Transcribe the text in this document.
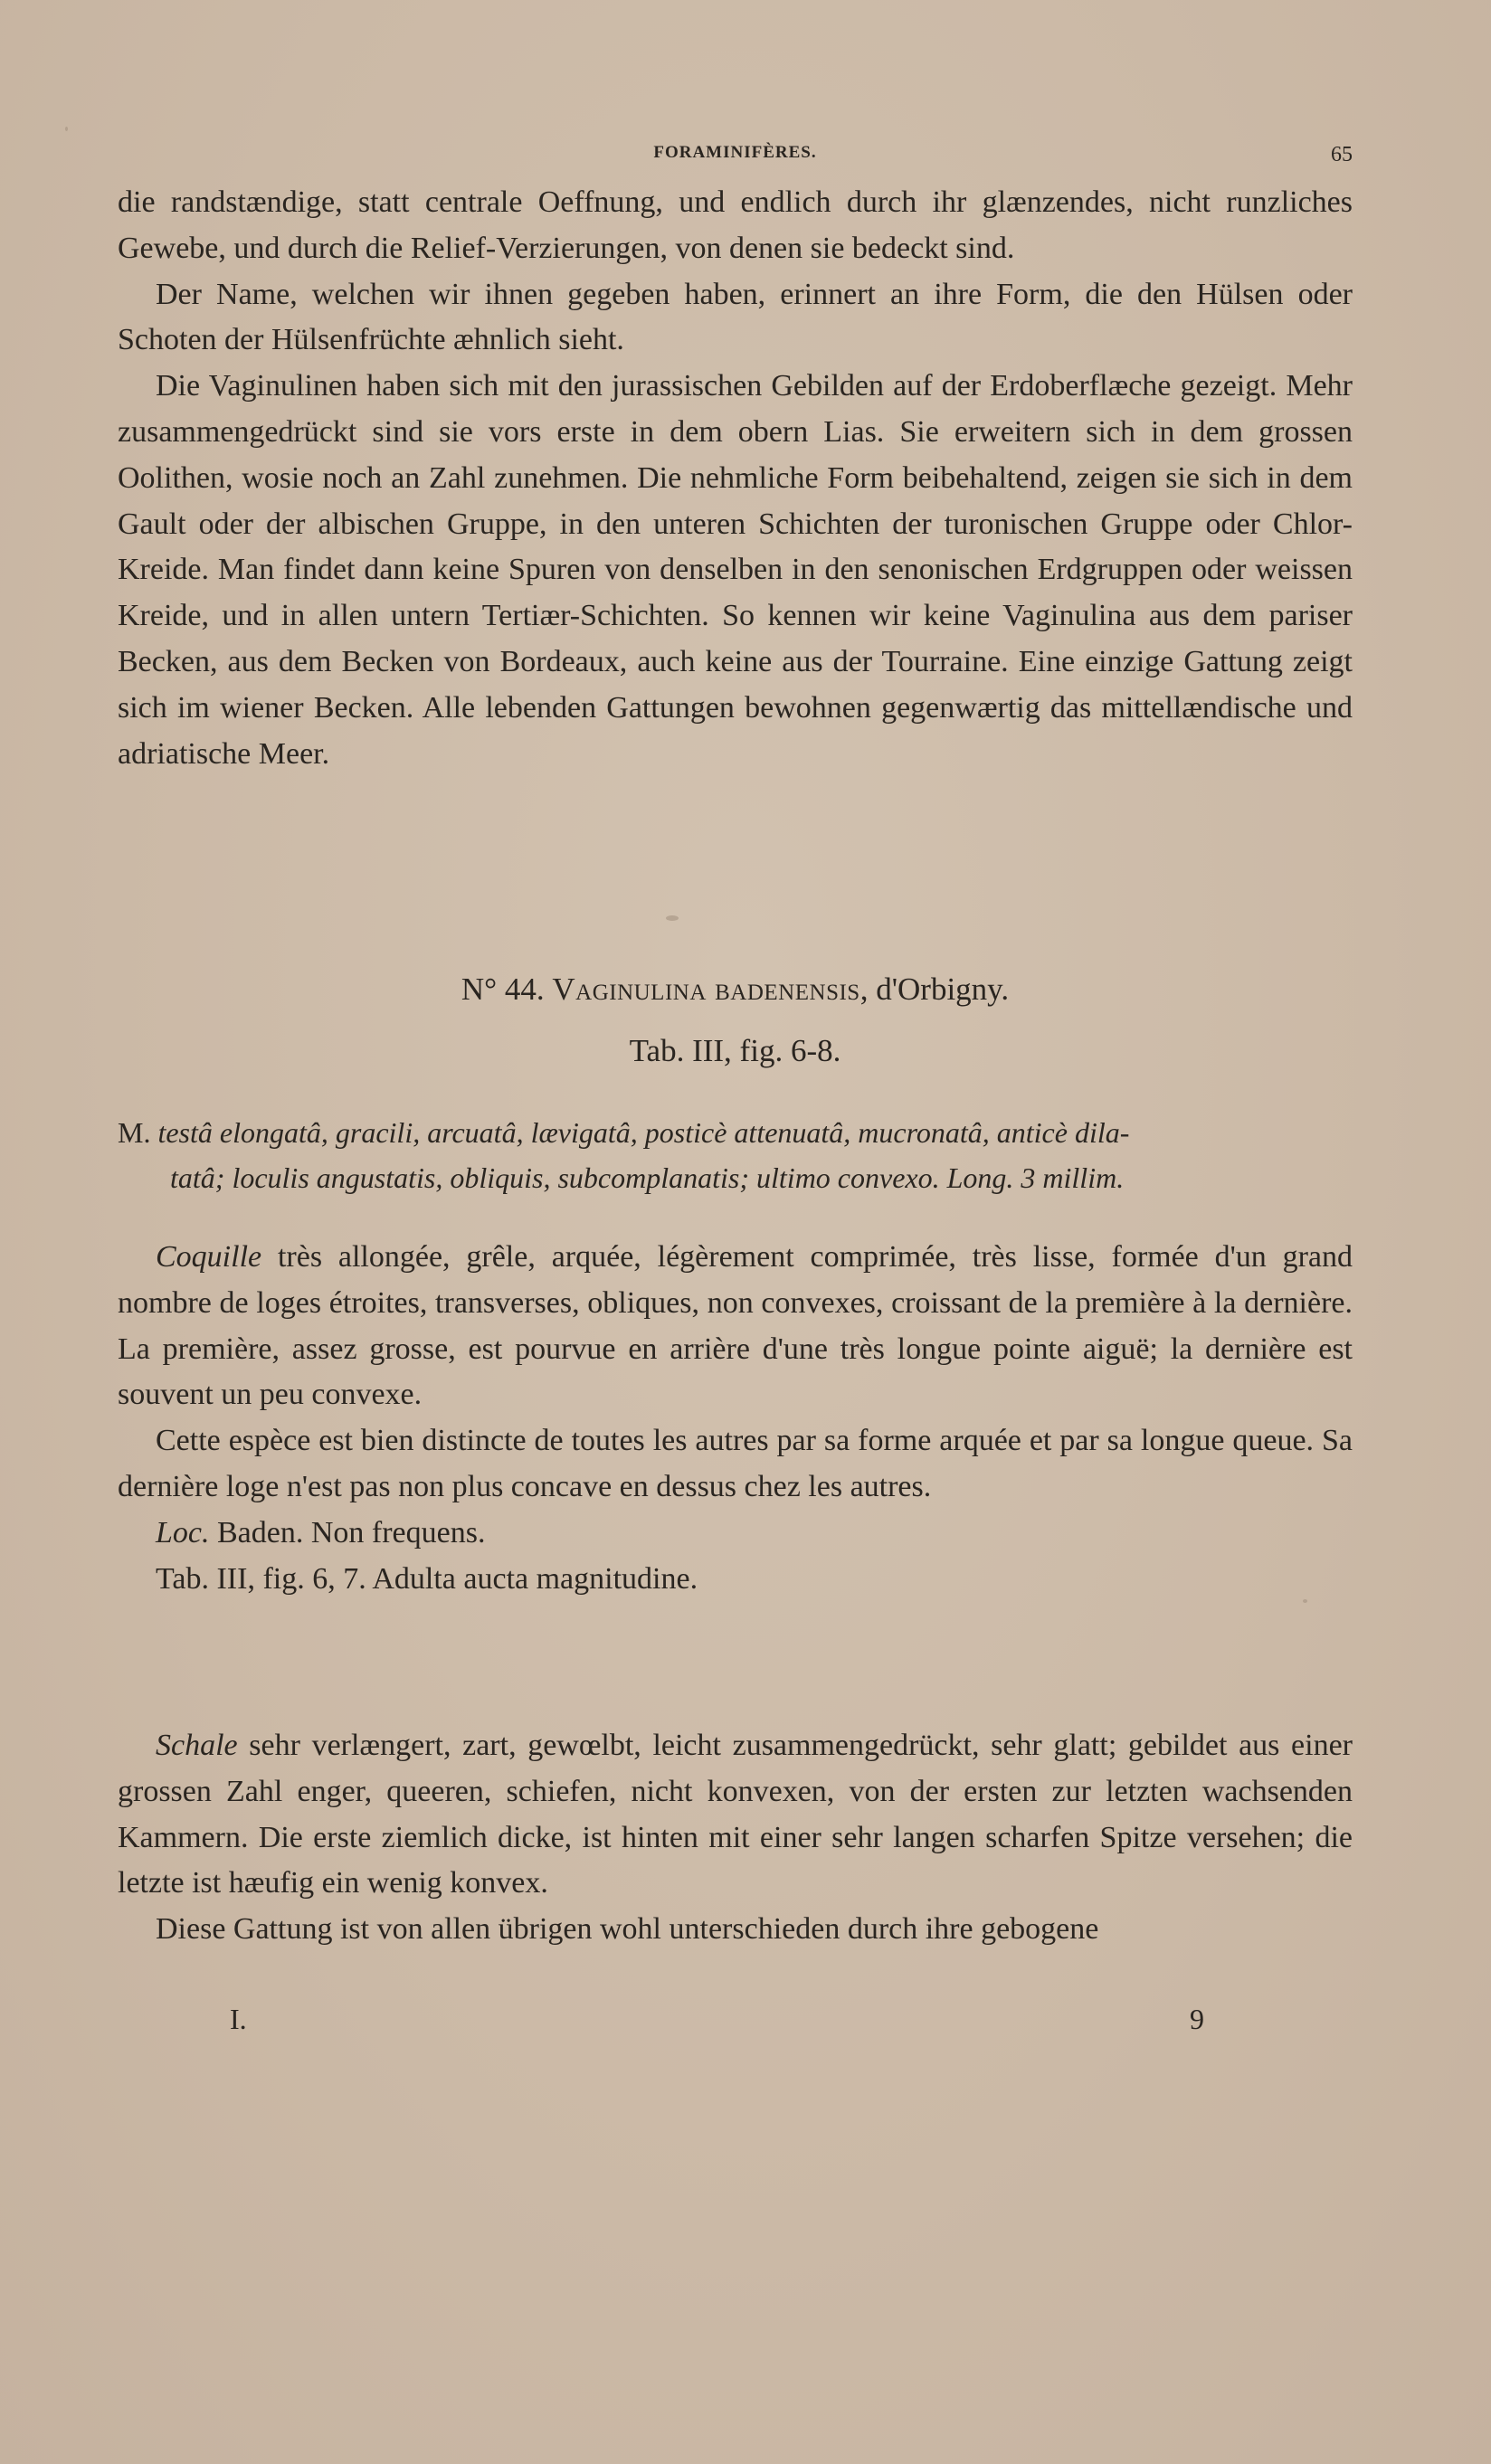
FORAMINIFÈRES.	65

die randstændige, statt centrale Oeffnung, und endlich durch ihr glænzendes, nicht runzliches Gewebe, und durch die Relief-Verzierungen, von denen sie bedeckt sind.

Der Name, welchen wir ihnen gegeben haben, erinnert an ihre Form, die den Hülsen oder Schoten der Hülsenfrüchte æhnlich sieht.

Die Vaginulinen haben sich mit den jurassischen Gebilden auf der Erdoberflæche gezeigt. Mehr zusammengedrückt sind sie vors erste in dem obern Lias. Sie erweitern sich in dem grossen Oolithen, wosie noch an Zahl zunehmen. Die nehmliche Form beibehaltend, zeigen sie sich in dem Gault oder der albischen Gruppe, in den unteren Schichten der turonischen Gruppe oder Chlor-Kreide. Man findet dann keine Spuren von denselben in den senonischen Erdgruppen oder weissen Kreide, und in allen untern Tertiær-Schichten. So kennen wir keine Vaginulina aus dem pariser Becken, aus dem Becken von Bordeaux, auch keine aus der Tourraine. Eine einzige Gattung zeigt sich im wiener Becken. Alle lebenden Gattungen bewohnen gegenwærtig das mittellændische und adriatische Meer.

N° 44. Vaginulina badenensis, d'Orbigny.
Tab. III, fig. 6-8.
M. testâ elongatâ, gracili, arcuatâ, lævigatâ, posticè attenuatâ, mucronatâ, anticè dila-
tatâ; loculis angustatis, obliquis, subcomplanatis; ultimo convexo. Long. 3 millim.

Coquille très allongée, grêle, arquée, légèrement comprimée, très lisse, formée d'un grand nombre de loges étroites, transverses, obliques, non convexes, croissant de la première à la dernière. La première, assez grosse, est pourvue en arrière d'une très longue pointe aiguë; la dernière est souvent un peu convexe.

Cette espèce est bien distincte de toutes les autres par sa forme arquée et par sa longue queue. Sa dernière loge n'est pas non plus concave en dessus chez les autres.

Loc. Baden. Non frequens.

Tab. III, fig. 6, 7. Adulta aucta magnitudine.

Schale sehr verlængert, zart, gewœlbt, leicht zusammengedrückt, sehr glatt; gebildet aus einer grossen Zahl enger, queeren, schiefen, nicht konvexen, von der ersten zur letzten wachsenden Kammern. Die erste ziemlich dicke, ist hinten mit einer sehr langen scharfen Spitze versehen; die letzte ist hæufig ein wenig konvex.

Diese Gattung ist von allen übrigen wohl unterschieden durch ihre gebogene

I.	9
